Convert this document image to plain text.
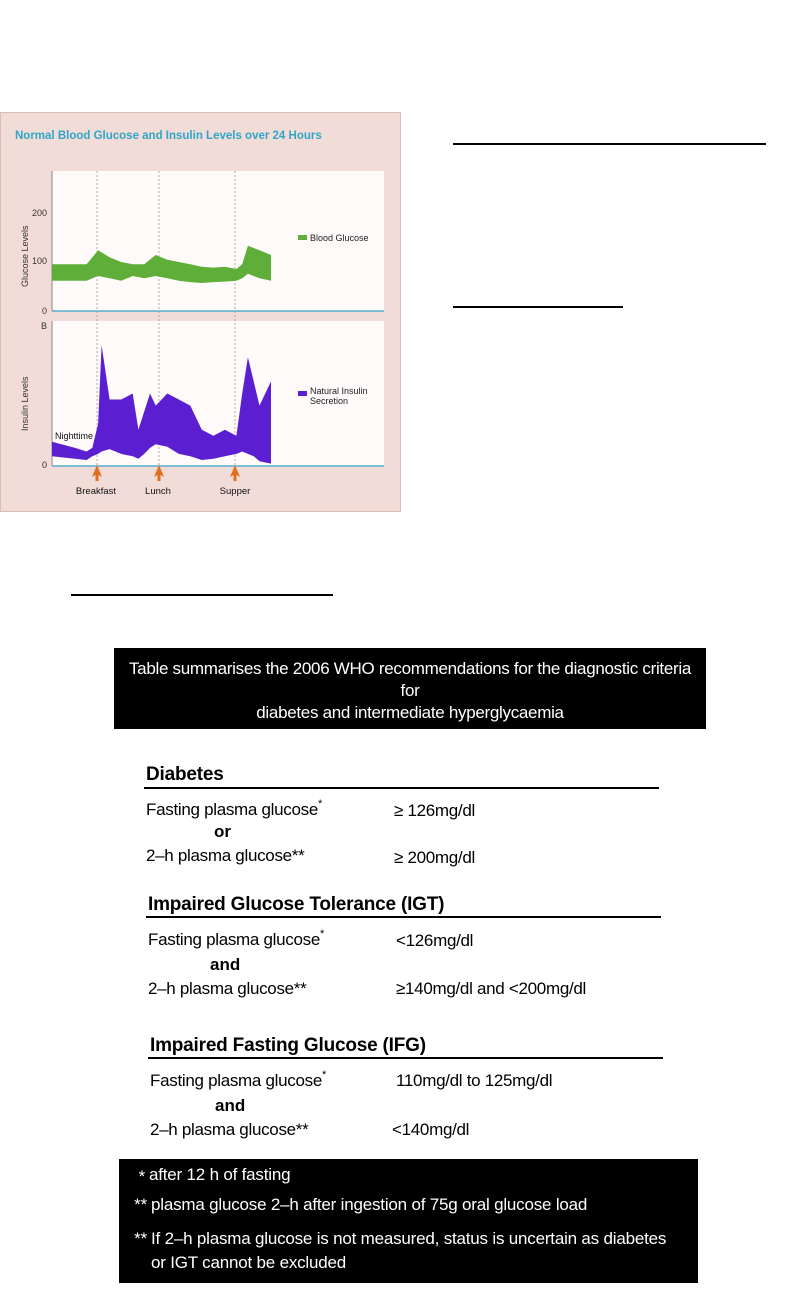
Normal Blood Glucose and Insulin Levels over 24 Hours
200
100
0
Glucose Levels
B
0
Insulin Levels
Blood Glucose
Natural Insulin
Secretion
Nighttime
Breakfast	Lunch	Supper
Table summarises the 2006 WHO recommendations for the diagnostic criteria
for
diabetes and intermediate hyperglycaemia
Diabetes
Fasting plasma glucose*	≥ 126mg/dl
or
2–h plasma glucose**	≥ 200mg/dl
Impaired Glucose Tolerance (IGT)
Fasting plasma glucose*	<126mg/dl
and
2–h plasma glucose**	≥140mg/dl and <200mg/dl
Impaired Fasting Glucose (IFG)
Fasting plasma glucose*	110mg/dl to 125mg/dl
and
2–h plasma glucose**	<140mg/dl
* after 12 h of fasting
** plasma glucose 2–h after ingestion of 75g oral glucose load
** If 2–h plasma glucose is not measured, status is uncertain as diabetes
or IGT cannot be excluded
